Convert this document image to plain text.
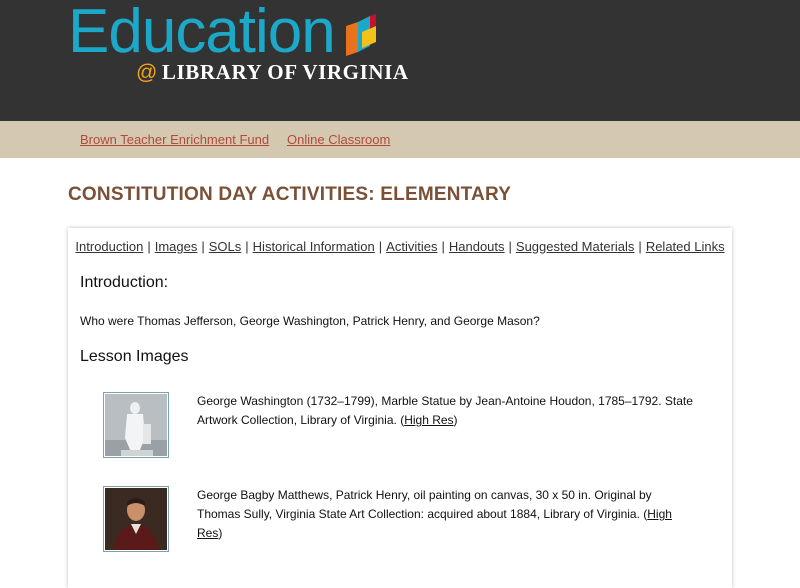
Education
@ LIBRARY OF VIRGINIA
Brown Teacher Enrichment Fund Online Classroom
CONSTITUTION DAY ACTIVITIES: ELEMENTARY
Introduction | Images | SOLs | Historical Information | Activities | Handouts | Suggested Materials | Related Links
Introduction:
Who were Thomas Jefferson, George Washington, Patrick Henry, and George Mason?
Lesson Images
George Washington (1732–1799), Marble Statue by Jean-Antoine Houdon, 1785–1792. State Artwork Collection, Library of Virginia. (High Res)
George Bagby Matthews, Patrick Henry, oil painting on canvas, 30 x 50 in. Original by Thomas Sully, Virginia State Art Collection: acquired about 1884, Library of Virginia. (High Res)
